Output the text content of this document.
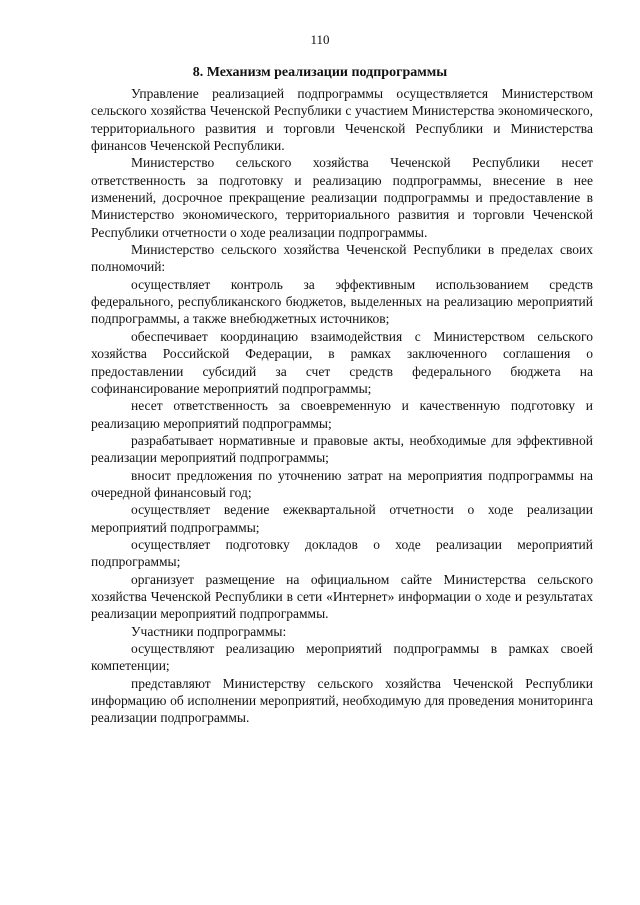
110
8. Механизм реализации подпрограммы

Управление реализацией подпрограммы осуществляется Министерством сельского хозяйства Чеченской Республики с участием Министерства экономического, территориального развития и торговли Чеченской Республики и Министерства финансов Чеченской Республики.

Министерство сельского хозяйства Чеченской Республики несет ответственность за подготовку и реализацию подпрограммы, внесение в нее изменений, досрочное прекращение реализации подпрограммы и предоставление в Министерство экономического, территориального развития и торговли Чеченской Республики отчетности о ходе реализации подпрограммы.

Министерство сельского хозяйства Чеченской Республики в пределах своих полномочий:

осуществляет контроль за эффективным использованием средств федерального, республиканского бюджетов, выделенных на реализацию мероприятий подпрограммы, а также внебюджетных источников;

обеспечивает координацию взаимодействия с Министерством сельского хозяйства Российской Федерации, в рамках заключенного соглашения о предоставлении субсидий за счет средств федерального бюджета на софинансирование мероприятий подпрограммы;

несет ответственность за своевременную и качественную подготовку и реализацию мероприятий подпрограммы;

разрабатывает нормативные и правовые акты, необходимые для эффективной реализации мероприятий подпрограммы;

вносит предложения по уточнению затрат на мероприятия подпрограммы на очередной финансовый год;

осуществляет ведение ежеквартальной отчетности о ходе реализации мероприятий подпрограммы;

осуществляет подготовку докладов о ходе реализации мероприятий подпрограммы;

организует размещение на официальном сайте Министерства сельского хозяйства Чеченской Республики в сети «Интернет» информации о ходе и результатах реализации мероприятий подпрограммы.

Участники подпрограммы:

осуществляют реализацию мероприятий подпрограммы в рамках своей компетенции;

представляют Министерству сельского хозяйства Чеченской Республики информацию об исполнении мероприятий, необходимую для проведения мониторинга реализации подпрограммы.
